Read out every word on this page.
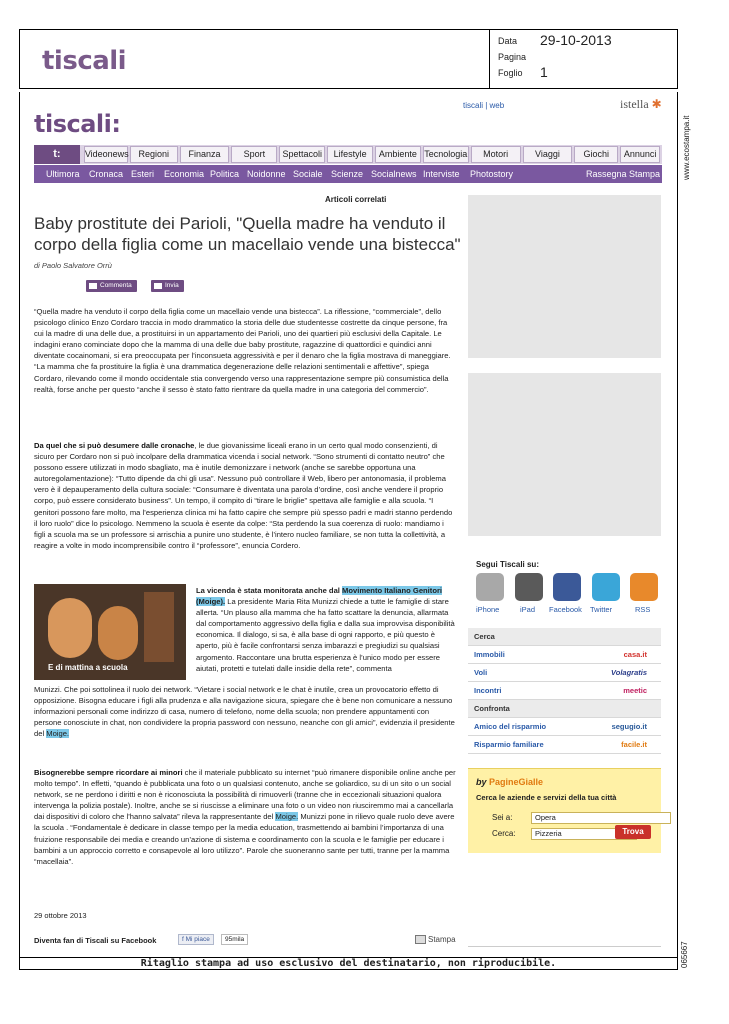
tiscali
Data 29-10-2013
Pagina
Foglio 1
www.ecostampa.it
065667
Ritaglio stampa ad uso esclusivo del destinatario, non riproducibile.
tiscali | web	istella ✱
tiscali:
t:	Videonews	Regioni	Finanza	Sport	Spettacoli	Lifestyle	Ambiente Tecnologia	Motori	Viaggi	Giochi	Annunci
Ultimora Cronaca Esteri Economia Politica Noidonne Sociale Scienze Socialnews Interviste Photostory	Rassegna Stampa
Articoli correlati
Baby prostitute dei Parioli, "Quella madre ha venduto il corpo della figlia come un macellaio vende una bistecca"
di Paolo Salvatore Orrù
Commenta	Invia

“Quella madre ha venduto il corpo della figlia come un macellaio vende una bistecca”. La riflessione, “commerciale”, dello psicologo clinico Enzo Cordaro traccia in modo drammatico la storia delle due studentesse costrette da cinque persone, fra cui la madre di una delle due, a prostituirsi in un appartamento dei Parioli, uno dei quartieri più esclusivi della Capitale. Le indagini erano cominciate dopo che la mamma di una delle due baby prostitute, ragazzine di quattordici e quindici anni diventate cocainomani, si era preoccupata per l’inconsueta aggressività e per il denaro che la figlia mostrava di maneggiare. “La mamma che fa prostituire la figlia è una drammatica degenerazione delle relazioni sentimentali e affettive”, spiega Cordaro, rilevando come il mondo occidentale stia convergendo verso una rappresentazione sempre più consumistica della realtà, forse anche per questo “anche il sesso è stato fatto rientrare da quella madre in una categoria del commercio”.

Da quel che si può desumere dalle cronache, le due giovanissime liceali erano in un certo qual modo consenzienti, di sicuro per Cordaro non si può incolpare della drammatica vicenda i social network. “Sono strumenti di contatto neutro” che possono essere utilizzati in modo sbagliato, ma è inutile demonizzare i network (anche se sarebbe opportuna una autoregolamentazione): “Tutto dipende da chi gli usa”. Nessuno può controllare il Web, libero per antonomasia, il problema vero è il depauperamento della cultura sociale: “Consumare è diventata una parola d’ordine, così anche vendere il proprio corpo, può essere considerato business”. Un tempo, il compito di “tirare le briglie” spettava alle famiglie e alla scuola. “I genitori possono fare molto, ma l’esperienza clinica mi ha fatto capire che sempre più spesso padri e madri stanno perdendo il loro ruolo” dice lo psicologo. Nemmeno la scuola è esente da colpe: “Sta perdendo la sua coerenza di ruolo: mandiamo i figli a scuola ma se un professore si arrischia a punire uno studente, è l’intero nucleo familiare, se non tutta la collettività, a reagire a volte in modo incomprensibile contro il “professore”, enuncia Cordero.

E di mattina a scuola

La vicenda è stata monitorata anche dal Movimento Italiano Genitori (Moige). La presidente Maria Rita Munizzi chiede a tutte le famiglie di stare allerta. “Un plauso alla mamma che ha fatto scattare la denuncia, allarmata dal comportamento aggressivo della figlia e dalla sua improvvisa disponibilità economica. Il dialogo, si sa, è alla base di ogni rapporto, e più questo è aperto, più è facile confrontarsi senza imbarazzi e pregiudizi su qualsiasi argomento. Raccontare una brutta esperienza è l’unico modo per essere aiutati, protetti e tutelati dalle insidie della rete”, commenta

Munizzi. Che poi sottolinea il ruolo dei network. “Vietare i social network e le chat è inutile, crea un provocatorio effetto di opposizione. Bisogna educare i figli alla prudenza e alla navigazione sicura, spiegare che è bene non comunicare a nessuno informazioni personali come indirizzo di casa, numero di telefono, nome della scuola; non prendere appuntamenti con persone conosciute in chat, non condividere la propria password con nessuno, neanche con gli amici”, evidenzia il presidente del Moige.

Bisognerebbe sempre ricordare ai minori che il materiale pubblicato su internet “può rimanere disponibile online anche per molto tempo”. In effetti, “quando è pubblicata una foto o un qualsiasi contenuto, anche se goliardico, su di un sito o un social network, se ne perdono i diritti e non è riconosciuta la possibilità di rimuoverli (tranne che in eccezionali situazioni qualora intervenga la polizia postale). Inoltre, anche se si riuscisse a eliminare una foto o un video non riusciremmo mai a cancellarla dai dispositivi di coloro che l’hanno salvata” rileva la rappresentante del Moige. Munizzi pone in rilievo quale ruolo deve avere la scuola . “Fondamentale è dedicare in classe tempo per la media education, trasmettendo ai bambini l’importanza di una fruizione responsabile dei media e creando un’azione di sistema e coordinamento con la scuola e le famiglie per educare i bambini a un approccio corretto e consapevole al loro utilizzo”. Parole che suoneranno sante per tutti, tranne per la mamma “macellaia”.

29 ottobre 2013
Diventa fan di Tiscali su Facebook	f Mi piace	95mila	Stampa
Segui Tiscali su:
iPhone	iPad Facebook Twitter	RSS
Cerca
Immobili	casa.it
Voli	Volagratis
Incontri	meetic
Confronta
Amico del risparmio	segugio.it
Risparmio familiare	facile.it
by PagineGialle
Cerca le aziende e servizi della tua città
Sei a:	Opera
Cerca:	Pizzeria	Trova
